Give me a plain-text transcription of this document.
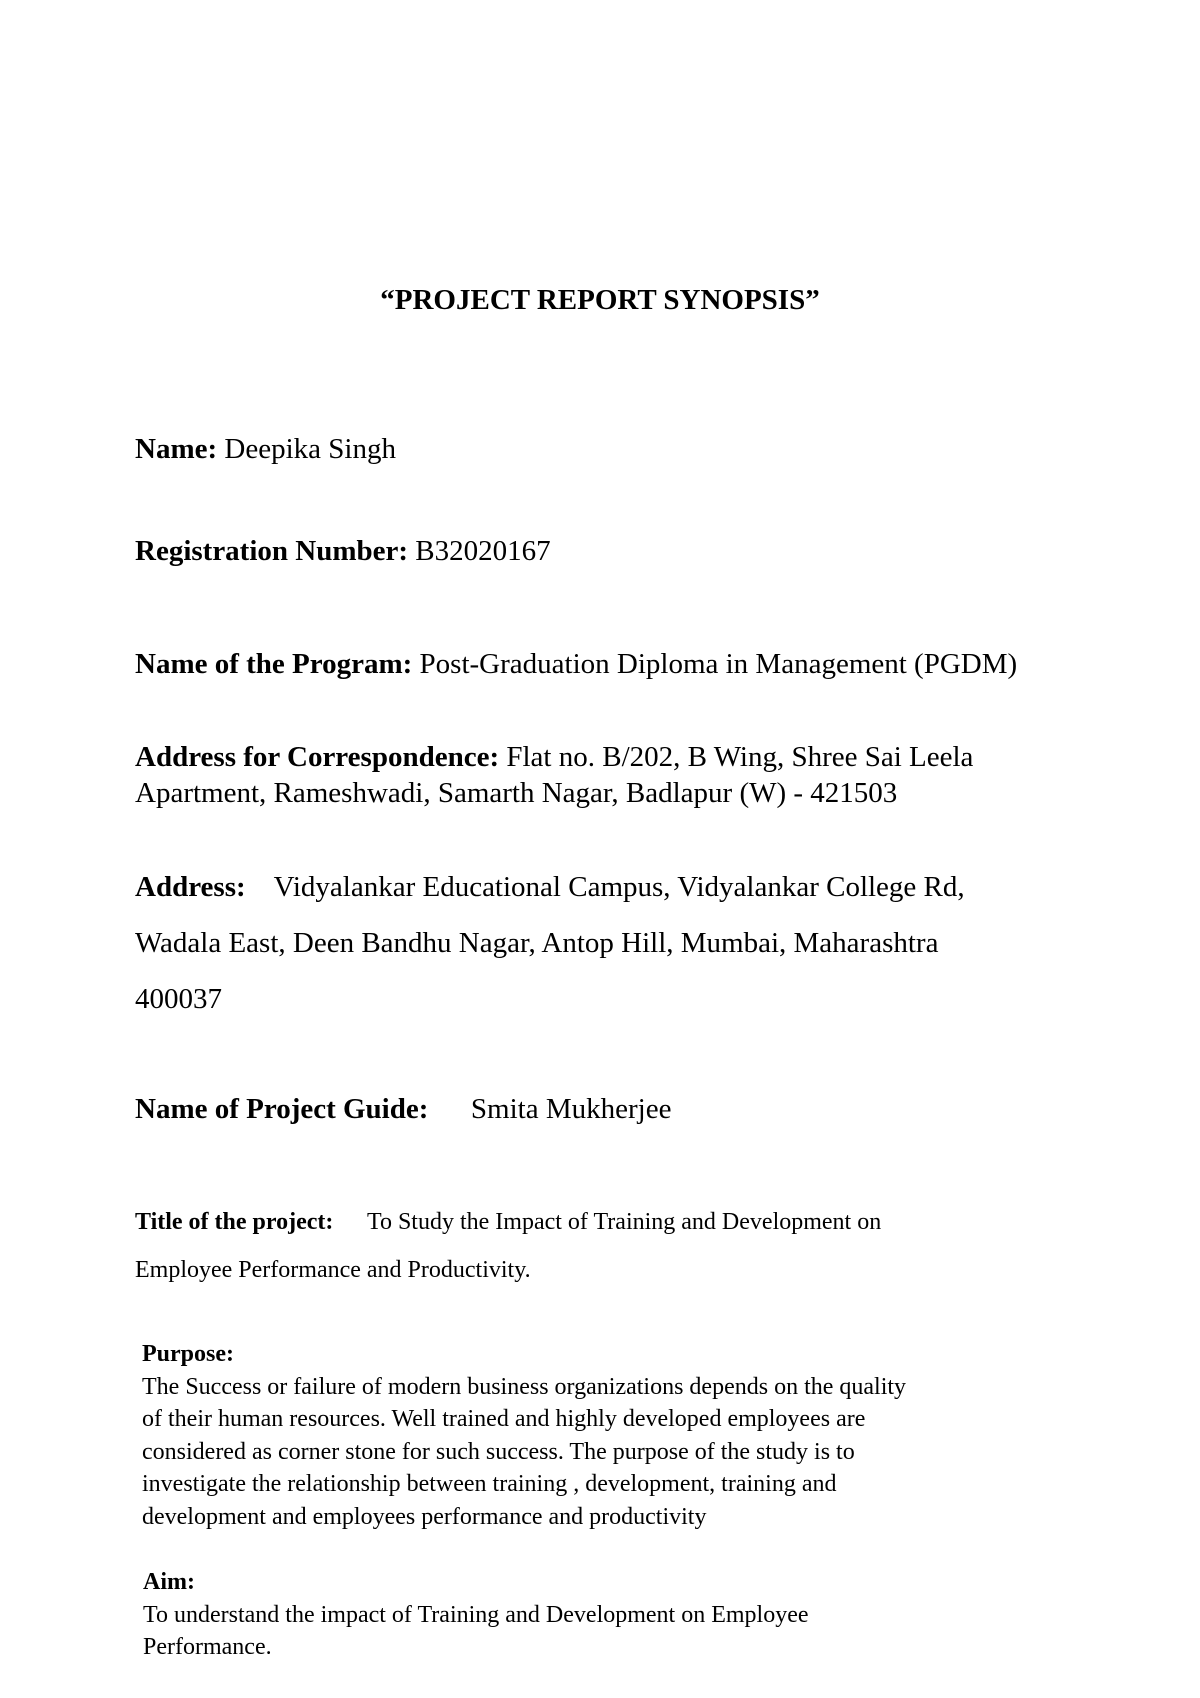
“PROJECT REPORT SYNOPSIS”
Name: Deepika Singh
Registration Number: B32020167
Name of the Program: Post-Graduation Diploma in Management (PGDM)
Address for Correspondence: Flat no. B/202, B Wing, Shree Sai Leela
Apartment, Rameshwadi, Samarth Nagar, Badlapur (W) - 421503
Address: Vidyalankar Educational Campus, Vidyalankar College Rd,
Wadala East, Deen Bandhu Nagar, Antop Hill, Mumbai, Maharashtra
400037
Name of Project Guide: Smita Mukherjee
Title of the project: To Study the Impact of Training and Development on
Employee Performance and Productivity.
Purpose:
The Success or failure of modern business organizations depends on the quality
of their human resources. Well trained and highly developed employees are
considered as corner stone for such success. The purpose of the study is to
investigate the relationship between training , development, training and
development and employees performance and productivity
Aim:
To understand the impact of Training and Development on Employee
Performance.
